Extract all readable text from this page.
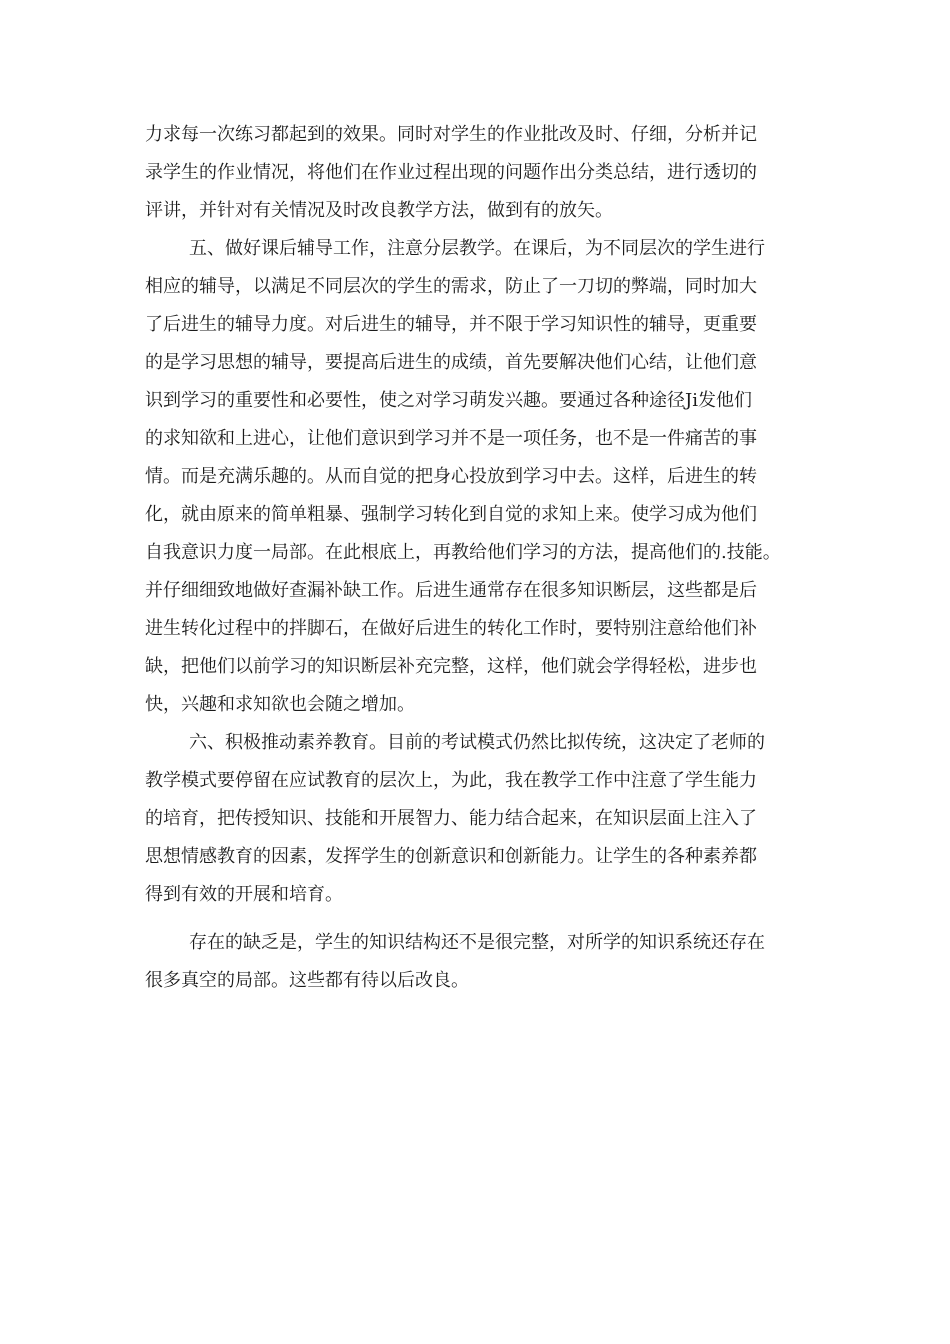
力求每一次练习都起到的效果。同时对学生的作业批改及时、仔细，分析并记
录学生的作业情况，将他们在作业过程出现的问题作出分类总结，进行透切的
评讲，并针对有关情况及时改良教学方法，做到有的放矢。
五、做好课后辅导工作，注意分层教学。在课后，为不同层次的学生进行
相应的辅导，以满足不同层次的学生的需求，防止了一刀切的弊端，同时加大
了后进生的辅导力度。对后进生的辅导，并不限于学习知识性的辅导，更重要
的是学习思想的辅导，要提高后进生的成绩，首先要解决他们心结，让他们意
识到学习的重要性和必要性，使之对学习萌发兴趣。要通过各种途径Ji发他们
的求知欲和上进心，让他们意识到学习并不是一项任务，也不是一件痛苦的事
情。而是充满乐趣的。从而自觉的把身心投放到学习中去。这样，后进生的转
化，就由原来的简单粗暴、强制学习转化到自觉的求知上来。使学习成为他们
自我意识力度一局部。在此根底上，再教给他们学习的方法，提高他们的.技能。
并仔细细致地做好查漏补缺工作。后进生通常存在很多知识断层，这些都是后
进生转化过程中的拌脚石，在做好后进生的转化工作时，要特别注意给他们补
缺，把他们以前学习的知识断层补充完整，这样，他们就会学得轻松，进步也
快，兴趣和求知欲也会随之增加。
六、积极推动素养教育。目前的考试模式仍然比拟传统，这决定了老师的
教学模式要停留在应试教育的层次上，为此，我在教学工作中注意了学生能力
的培育，把传授知识、技能和开展智力、能力结合起来，在知识层面上注入了
思想情感教育的因素，发挥学生的创新意识和创新能力。让学生的各种素养都
得到有效的开展和培育。
存在的缺乏是，学生的知识结构还不是很完整，对所学的知识系统还存在
很多真空的局部。这些都有待以后改良。
